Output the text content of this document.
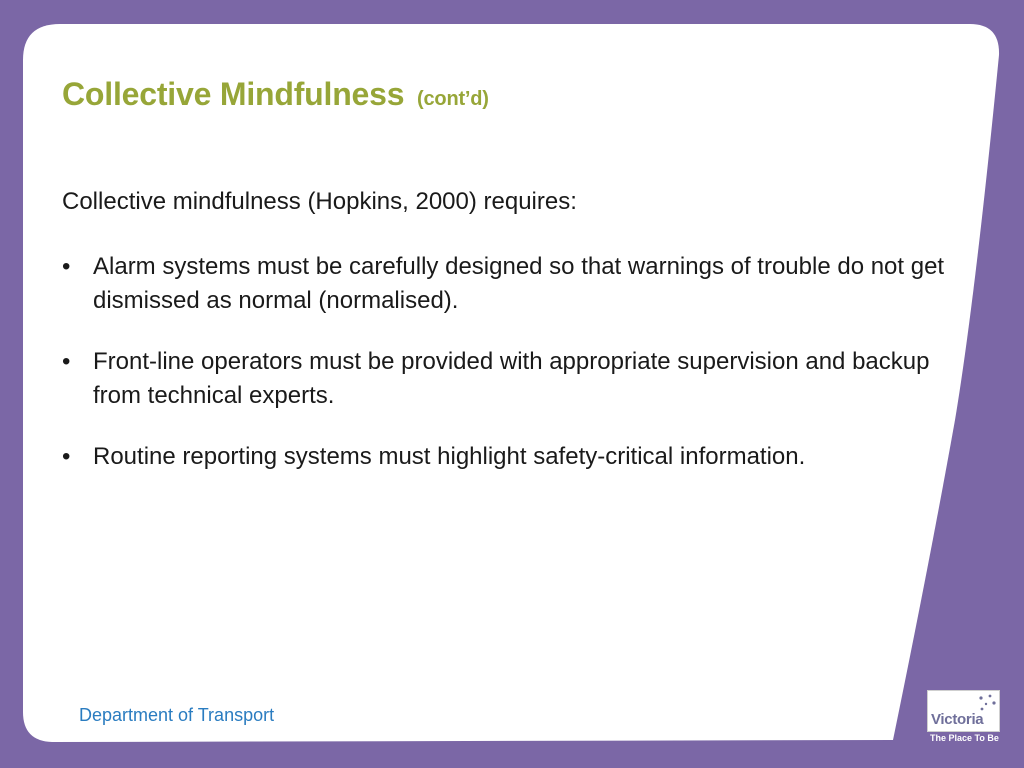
Collective Mindfulness (cont’d)
Collective mindfulness (Hopkins, 2000) requires:
• Alarm systems must be carefully designed so that warnings of trouble do not get dismissed as normal (normalised).
• Front-line operators must be provided with appropriate supervision and backup from technical experts.
• Routine reporting systems must highlight safety-critical information.
Department of Transport	Victoria
The Place To Be
